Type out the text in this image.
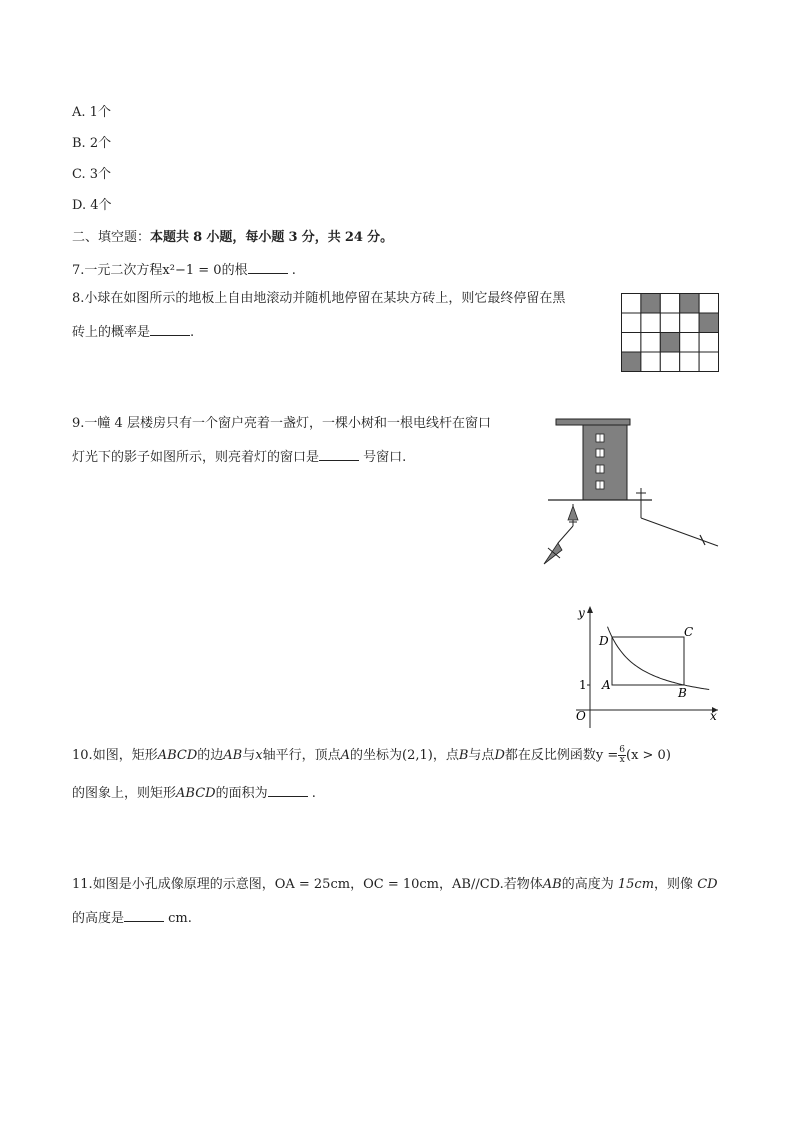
A. 1个
B. 2个
C. 3个
D. 4个
二、填空题：本题共 8 小题，每小题 3 分，共 24 分。
7.一元二次方程x²−1 = 0的根	.
8.小球在如图所示的地板上自由地滚动并随机地停留在某块方砖上，则它最终停留在黑
砖上的概率是	.
9.一幢 4 层楼房只有一个窗户亮着一盏灯，一棵小树和一根电线杆在窗口
灯光下的影子如图所示，则亮着灯的窗口是	号窗口.
y
x
O
1 A
B
C
D
10.如图，矩形ABCD的边AB与x轴平行，顶点A的坐标为(2,1)，点B与点D都在反比例函数$y = \frac{6}{x} (x > 0)$
的图象上，则矩形ABCD的面积为	.
11.如图是小孔成像原理的示意图，OA = 25cm，OC = 10cm，AB//CD.若物体AB的高度为 15cm，则像 CD
的高度是	cm.
